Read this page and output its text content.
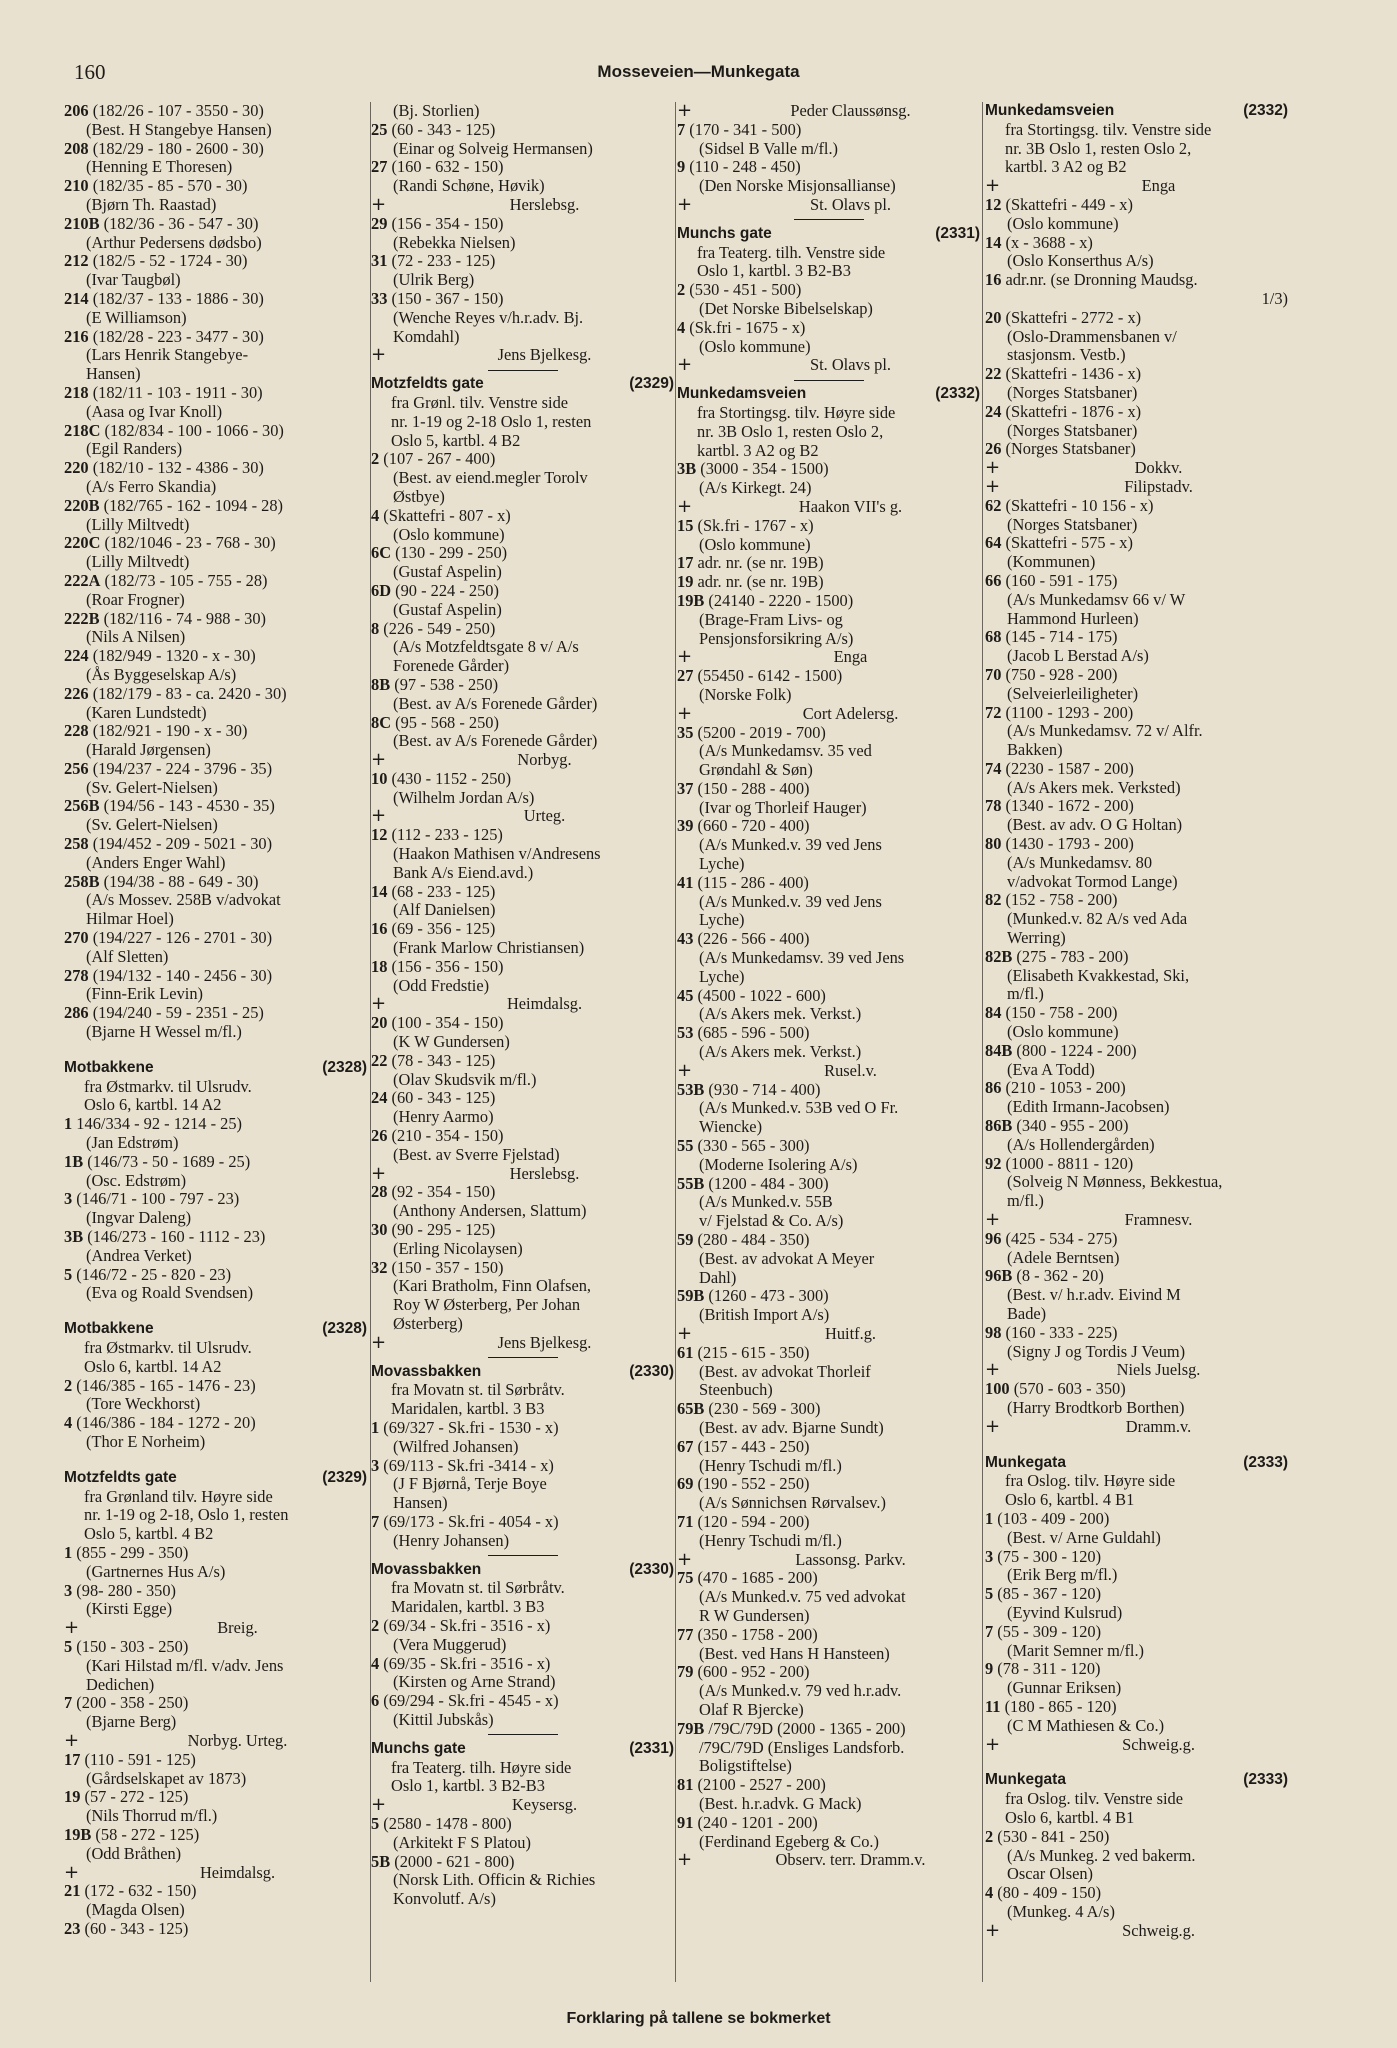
160	Mosseveien—Munkegata
206 (182/26 - 107 - 3550 - 30)
(Best. H Stangebye Hansen)
208 (182/29 - 180 - 2600 - 30)
(Henning E Thoresen)
210 (182/35 - 85 - 570 - 30)
(Bjørn Th. Raastad)
210B (182/36 - 36 - 547 - 30)
(Arthur Pedersens dødsbo)
212 (182/5 - 52 - 1724 - 30)
(Ivar Taugbøl)
214 (182/37 - 133 - 1886 - 30)
(E Williamson)
216 (182/28 - 223 - 3477 - 30)
(Lars Henrik Stangebye-
Hansen)
218 (182/11 - 103 - 1911 - 30)
(Aasa og Ivar Knoll)
218C (182/834 - 100 - 1066 - 30)
(Egil Randers)
220 (182/10 - 132 - 4386 - 30)
(A/s Ferro Skandia)
220B (182/765 - 162 - 1094 - 28)
(Lilly Miltvedt)
220C (182/1046 - 23 - 768 - 30)
(Lilly Miltvedt)
222A (182/73 - 105 - 755 - 28)
(Roar Frogner)
222B (182/116 - 74 - 988 - 30)
(Nils A Nilsen)
224 (182/949 - 1320 - x - 30)
(Ås Byggeselskap A/s)
226 (182/179 - 83 - ca. 2420 - 30)
(Karen Lundstedt)
228 (182/921 - 190 - x - 30)
(Harald Jørgensen)
256 (194/237 - 224 - 3796 - 35)
(Sv. Gelert-Nielsen)
256B (194/56 - 143 - 4530 - 35)
(Sv. Gelert-Nielsen)
258 (194/452 - 209 - 5021 - 30)
(Anders Enger Wahl)
258B (194/38 - 88 - 649 - 30)
(A/s Mossev. 258B v/advokat
Hilmar Hoel)
270 (194/227 - 126 - 2701 - 30)
(Alf Sletten)
278 (194/132 - 140 - 2456 - 30)
(Finn-Erik Levin)
286 (194/240 - 59 - 2351 - 25)
(Bjarne H Wessel m/fl.)
Motbakkene	(2328)
fra Østmarkv. til Ulsrudv.
Oslo 6, kartbl. 14 A2
1 146/334 - 92 - 1214 - 25)
(Jan Edstrøm)
1B (146/73 - 50 - 1689 - 25)
(Osc. Edstrøm)
3 (146/71 - 100 - 797 - 23)
(Ingvar Daleng)
3B (146/273 - 160 - 1112 - 23)
(Andrea Verket)
5 (146/72 - 25 - 820 - 23)
(Eva og Roald Svendsen)
Motbakkene	(2328)
fra Østmarkv. til Ulsrudv.
Oslo 6, kartbl. 14 A2
2 (146/385 - 165 - 1476 - 23)
(Tore Weckhorst)
4 (146/386 - 184 - 1272 - 20)
(Thor E Norheim)
Motzfeldts gate	(2329)
fra Grønland tilv. Høyre side
nr. 1-19 og 2-18, Oslo 1, resten
Oslo 5, kartbl. 4 B2
1 (855 - 299 - 350)
(Gartnernes Hus A/s)
3 (98- 280 - 350)
(Kirsti Egge)
+	Breig.
5 (150 - 303 - 250)
(Kari Hilstad m/fl. v/adv. Jens
Dedichen)
7 (200 - 358 - 250)
(Bjarne Berg)
+	Norbyg. Urteg.
17 (110 - 591 - 125)
(Gårdselskapet av 1873)
19 (57 - 272 - 125)
(Nils Thorrud m/fl.)
19B (58 - 272 - 125)
(Odd Bråthen)
+	Heimdalsg.
21 (172 - 632 - 150)
(Magda Olsen)
23 (60 - 343 - 125)
(Bj. Storlien)
25 (60 - 343 - 125)
(Einar og Solveig Hermansen)
27 (160 - 632 - 150)
(Randi Schøne, Høvik)
+	Herslebsg.
29 (156 - 354 - 150)
(Rebekka Nielsen)
31 (72 - 233 - 125)
(Ulrik Berg)
33 (150 - 367 - 150)
(Wenche Reyes v/h.r.adv. Bj.
Komdahl)
+	Jens Bjelkesg.
Motzfeldts gate	(2329)
fra Grønl. tilv. Venstre side
nr. 1-19 og 2-18 Oslo 1, resten
Oslo 5, kartbl. 4 B2
2 (107 - 267 - 400)
(Best. av eiend.megler Torolv
Østbye)
4 (Skattefri - 807 - x)
(Oslo kommune)
6C (130 - 299 - 250)
(Gustaf Aspelin)
6D (90 - 224 - 250)
(Gustaf Aspelin)
8 (226 - 549 - 250)
(A/s Motzfeldtsgate 8 v/ A/s
Forenede Gårder)
8B (97 - 538 - 250)
(Best. av A/s Forenede Gårder)
8C (95 - 568 - 250)
(Best. av A/s Forenede Gårder)
+	Norbyg.
10 (430 - 1152 - 250)
(Wilhelm Jordan A/s)
+	Urteg.
12 (112 - 233 - 125)
(Haakon Mathisen v/Andresens
Bank A/s Eiend.avd.)
14 (68 - 233 - 125)
(Alf Danielsen)
16 (69 - 356 - 125)
(Frank Marlow Christiansen)
18 (156 - 356 - 150)
(Odd Fredstie)
+	Heimdalsg.
20 (100 - 354 - 150)
(K W Gundersen)
22 (78 - 343 - 125)
(Olav Skudsvik m/fl.)
24 (60 - 343 - 125)
(Henry Aarmo)
26 (210 - 354 - 150)
(Best. av Sverre Fjelstad)
+	Herslebsg.
28 (92 - 354 - 150)
(Anthony Andersen, Slattum)
30 (90 - 295 - 125)
(Erling Nicolaysen)
32 (150 - 357 - 150)
(Kari Bratholm, Finn Olafsen,
Roy W Østerberg, Per Johan
Østerberg)
+	Jens Bjelkesg.
Movassbakken	(2330)
fra Movatn st. til Sørbråtv.
Maridalen, kartbl. 3 B3
1 (69/327 - Sk.fri - 1530 - x)
(Wilfred Johansen)
3 (69/113 - Sk.fri -3414 - x)
(J F Bjørnå, Terje Boye
Hansen)
7 (69/173 - Sk.fri - 4054 - x)
(Henry Johansen)
Movassbakken	(2330)
fra Movatn st. til Sørbråtv.
Maridalen, kartbl. 3 B3
2 (69/34 - Sk.fri - 3516 - x)
(Vera Muggerud)
4 (69/35 - Sk.fri - 3516 - x)
(Kirsten og Arne Strand)
6 (69/294 - Sk.fri - 4545 - x)
(Kittil Jubskås)
Munchs gate	(2331)
fra Teaterg. tilh. Høyre side
Oslo 1, kartbl. 3 B2-B3
+	Keysersg.
5 (2580 - 1478 - 800)
(Arkitekt F S Platou)
5B (2000 - 621 - 800)
(Norsk Lith. Officin & Richies
Konvolutf. A/s)
+	Peder Claussønsg.
7 (170 - 341 - 500)
(Sidsel B Valle m/fl.)
9 (110 - 248 - 450)
(Den Norske Misjonsallianse)
+	St. Olavs pl.
Munchs gate	(2331)
fra Teaterg. tilh. Venstre side
Oslo 1, kartbl. 3 B2-B3
2 (530 - 451 - 500)
(Det Norske Bibelselskap)
4 (Sk.fri - 1675 - x)
(Oslo kommune)
+	St. Olavs pl.
Munkedamsveien	(2332)
fra Stortingsg. tilv. Høyre side
nr. 3B Oslo 1, resten Oslo 2,
kartbl. 3 A2 og B2
3B (3000 - 354 - 1500)
(A/s Kirkegt. 24)
+	Haakon VII's g.
15 (Sk.fri - 1767 - x)
(Oslo kommune)
17 adr. nr. (se nr. 19B)
19 adr. nr. (se nr. 19B)
19B (24140 - 2220 - 1500)
(Brage-Fram Livs- og
Pensjonsforsikring A/s)
+	Enga
27 (55450 - 6142 - 1500)
(Norske Folk)
+	Cort Adelersg.
35 (5200 - 2019 - 700)
(A/s Munkedamsv. 35 ved
Grøndahl & Søn)
37 (150 - 288 - 400)
(Ivar og Thorleif Hauger)
39 (660 - 720 - 400)
(A/s Munked.v. 39 ved Jens
Lyche)
41 (115 - 286 - 400)
(A/s Munked.v. 39 ved Jens
Lyche)
43 (226 - 566 - 400)
(A/s Munkedamsv. 39 ved Jens
Lyche)
45 (4500 - 1022 - 600)
(A/s Akers mek. Verkst.)
53 (685 - 596 - 500)
(A/s Akers mek. Verkst.)
+	Rusel.v.
53B (930 - 714 - 400)
(A/s Munked.v. 53B ved O Fr.
Wiencke)
55 (330 - 565 - 300)
(Moderne Isolering A/s)
55B (1200 - 484 - 300)
(A/s Munked.v. 55B
v/ Fjelstad & Co. A/s)
59 (280 - 484 - 350)
(Best. av advokat A Meyer
Dahl)
59B (1260 - 473 - 300)
(British Import A/s)
+	Huitf.g.
61 (215 - 615 - 350)
(Best. av advokat Thorleif
Steenbuch)
65B (230 - 569 - 300)
(Best. av adv. Bjarne Sundt)
67 (157 - 443 - 250)
(Henry Tschudi m/fl.)
69 (190 - 552 - 250)
(A/s Sønnichsen Rørvalsev.)
71 (120 - 594 - 200)
(Henry Tschudi m/fl.)
+	Lassonsg. Parkv.
75 (470 - 1685 - 200)
(A/s Munked.v. 75 ved advokat
R W Gundersen)
77 (350 - 1758 - 200)
(Best. ved Hans H Hansteen)
79 (600 - 952 - 200)
(A/s Munked.v. 79 ved h.r.adv.
Olaf R Bjercke)
79B /79C/79D (2000 - 1365 - 200)
/79C/79D (Ensliges Landsforb.
Boligstiftelse)
81 (2100 - 2527 - 200)
(Best. h.r.advk. G Mack)
91 (240 - 1201 - 200)
(Ferdinand Egeberg & Co.)
+	Observ. terr. Dramm.v.
Munkedamsveien	(2332)
fra Stortingsg. tilv. Venstre side
nr. 3B Oslo 1, resten Oslo 2,
kartbl. 3 A2 og B2
+	Enga
12 (Skattefri - 449 - x)
(Oslo kommune)
14 (x - 3688 - x)
(Oslo Konserthus A/s)
16 adr.nr. (se Dronning Maudsg.
1/3)
20 (Skattefri - 2772 - x)
(Oslo-Drammensbanen v/
stasjonsm. Vestb.)
22 (Skattefri - 1436 - x)
(Norges Statsbaner)
24 (Skattefri - 1876 - x)
(Norges Statsbaner)
26 (Norges Statsbaner)
+	Dokkv.
+	Filipstadv.
62 (Skattefri - 10 156 - x)
(Norges Statsbaner)
64 (Skattefri - 575 - x)
(Kommunen)
66 (160 - 591 - 175)
(A/s Munkedamsv 66 v/ W
Hammond Hurleen)
68 (145 - 714 - 175)
(Jacob L Berstad A/s)
70 (750 - 928 - 200)
(Selveierleiligheter)
72 (1100 - 1293 - 200)
(A/s Munkedamsv. 72 v/ Alfr.
Bakken)
74 (2230 - 1587 - 200)
(A/s Akers mek. Verksted)
78 (1340 - 1672 - 200)
(Best. av adv. O G Holtan)
80 (1430 - 1793 - 200)
(A/s Munkedamsv. 80
v/advokat Tormod Lange)
82 (152 - 758 - 200)
(Munked.v. 82 A/s ved Ada
Werring)
82B (275 - 783 - 200)
(Elisabeth Kvakkestad, Ski,
m/fl.)
84 (150 - 758 - 200)
(Oslo kommune)
84B (800 - 1224 - 200)
(Eva A Todd)
86 (210 - 1053 - 200)
(Edith Irmann-Jacobsen)
86B (340 - 955 - 200)
(A/s Hollendergården)
92 (1000 - 8811 - 120)
(Solveig N Mønness, Bekkestua,
m/fl.)
+	Framnesv.
96 (425 - 534 - 275)
(Adele Berntsen)
96B (8 - 362 - 20)
(Best. v/ h.r.adv. Eivind M
Bade)
98 (160 - 333 - 225)
(Signy J og Tordis J Veum)
+	Niels Juelsg.
100 (570 - 603 - 350)
(Harry Brodtkorb Borthen)
+	Dramm.v.
Munkegata	(2333)
fra Oslog. tilv. Høyre side
Oslo 6, kartbl. 4 B1
1 (103 - 409 - 200)
(Best. v/ Arne Guldahl)
3 (75 - 300 - 120)
(Erik Berg m/fl.)
5 (85 - 367 - 120)
(Eyvind Kulsrud)
7 (55 - 309 - 120)
(Marit Semner m/fl.)
9 (78 - 311 - 120)
(Gunnar Eriksen)
11 (180 - 865 - 120)
(C M Mathiesen & Co.)
+	Schweig.g.
Munkegata	(2333)
fra Oslog. tilv. Venstre side
Oslo 6, kartbl. 4 B1
2 (530 - 841 - 250)
(A/s Munkeg. 2 ved bakerm.
Oscar Olsen)
4 (80 - 409 - 150)
(Munkeg. 4 A/s)
+	Schweig.g.
Forklaring på tallene se bokmerket
